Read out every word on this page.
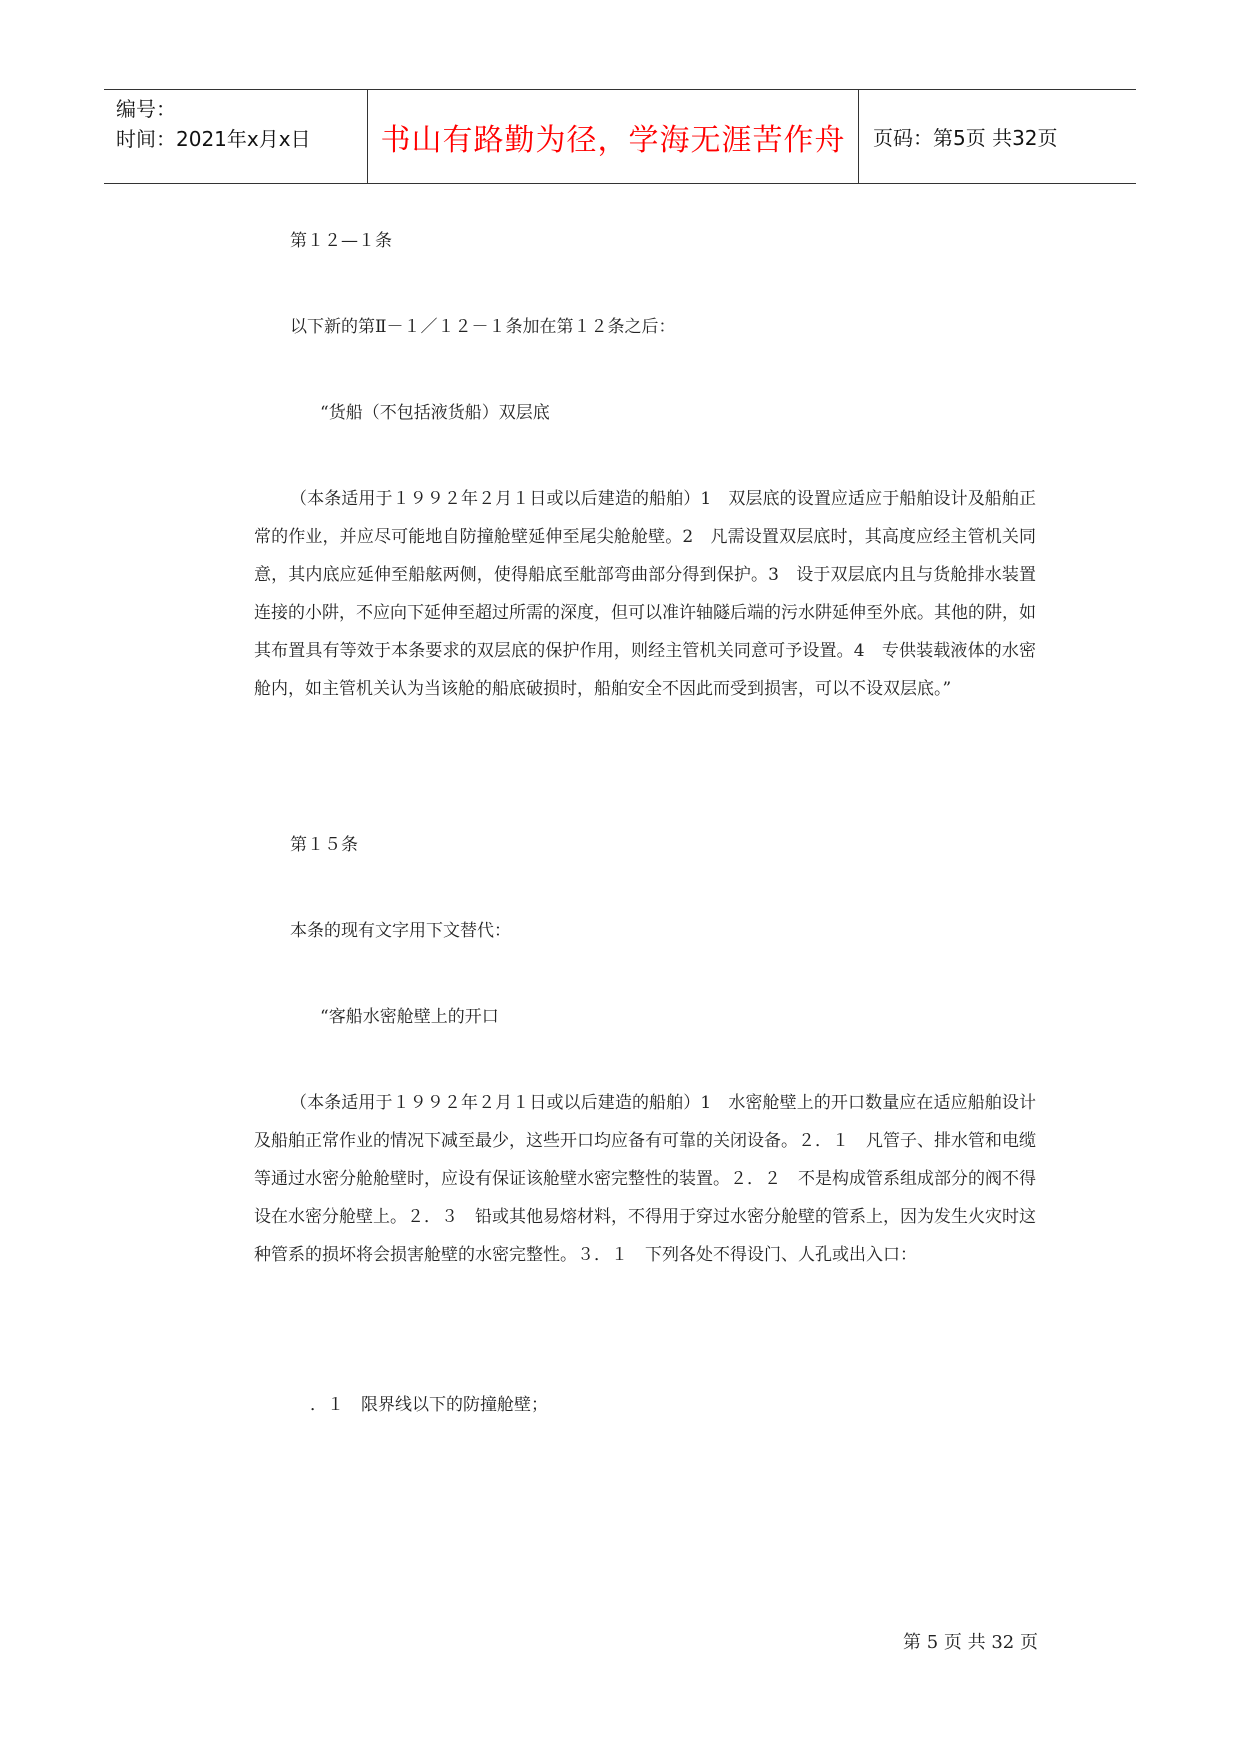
编号：
时间：2021年x月x日	书山有路勤为径，学海无涯苦作舟	页码：第5页 共32页

第１２—１条

以下新的第Ⅱ－１／１２－１条加在第１２条之后：

“货船（不包括液货船）双层底

（本条适用于１９９２年２月１日或以后建造的船舶）1　双层底的设置应适应于船舶设计及船舶正常的作业，并应尽可能地自防撞舱壁延伸至尾尖舱舱壁。2　凡需设置双层底时，其高度应经主管机关同意，其内底应延伸至船舷两侧，使得船底至舭部弯曲部分得到保护。3　设于双层底内且与货舱排水装置连接的小阱，不应向下延伸至超过所需的深度，但可以准许轴隧后端的污水阱延伸至外底。其他的阱，如其布置具有等效于本条要求的双层底的保护作用，则经主管机关同意可予设置。4　专供装载液体的水密舱内，如主管机关认为当该舱的船底破损时，船舶安全不因此而受到损害，可以不设双层底。”

第１５条

本条的现有文字用下文替代：

“客船水密舱壁上的开口

（本条适用于１９９２年２月１日或以后建造的船舶）1　水密舱壁上的开口数量应在适应船舶设计及船舶正常作业的情况下减至最少，这些开口均应备有可靠的关闭设备。２．１　凡管子、排水管和电缆等通过水密分舱舱壁时，应设有保证该舱壁水密完整性的装置。２．２　不是构成管系组成部分的阀不得设在水密分舱壁上。２．３　铅或其他易熔材料，不得用于穿过水密分舱壁的管系上，因为发生火灾时这种管系的损坏将会损害舱壁的水密完整性。３．１　下列各处不得设门、人孔或出入口：

．１　限界线以下的防撞舱壁；

第 5 页 共 32 页
